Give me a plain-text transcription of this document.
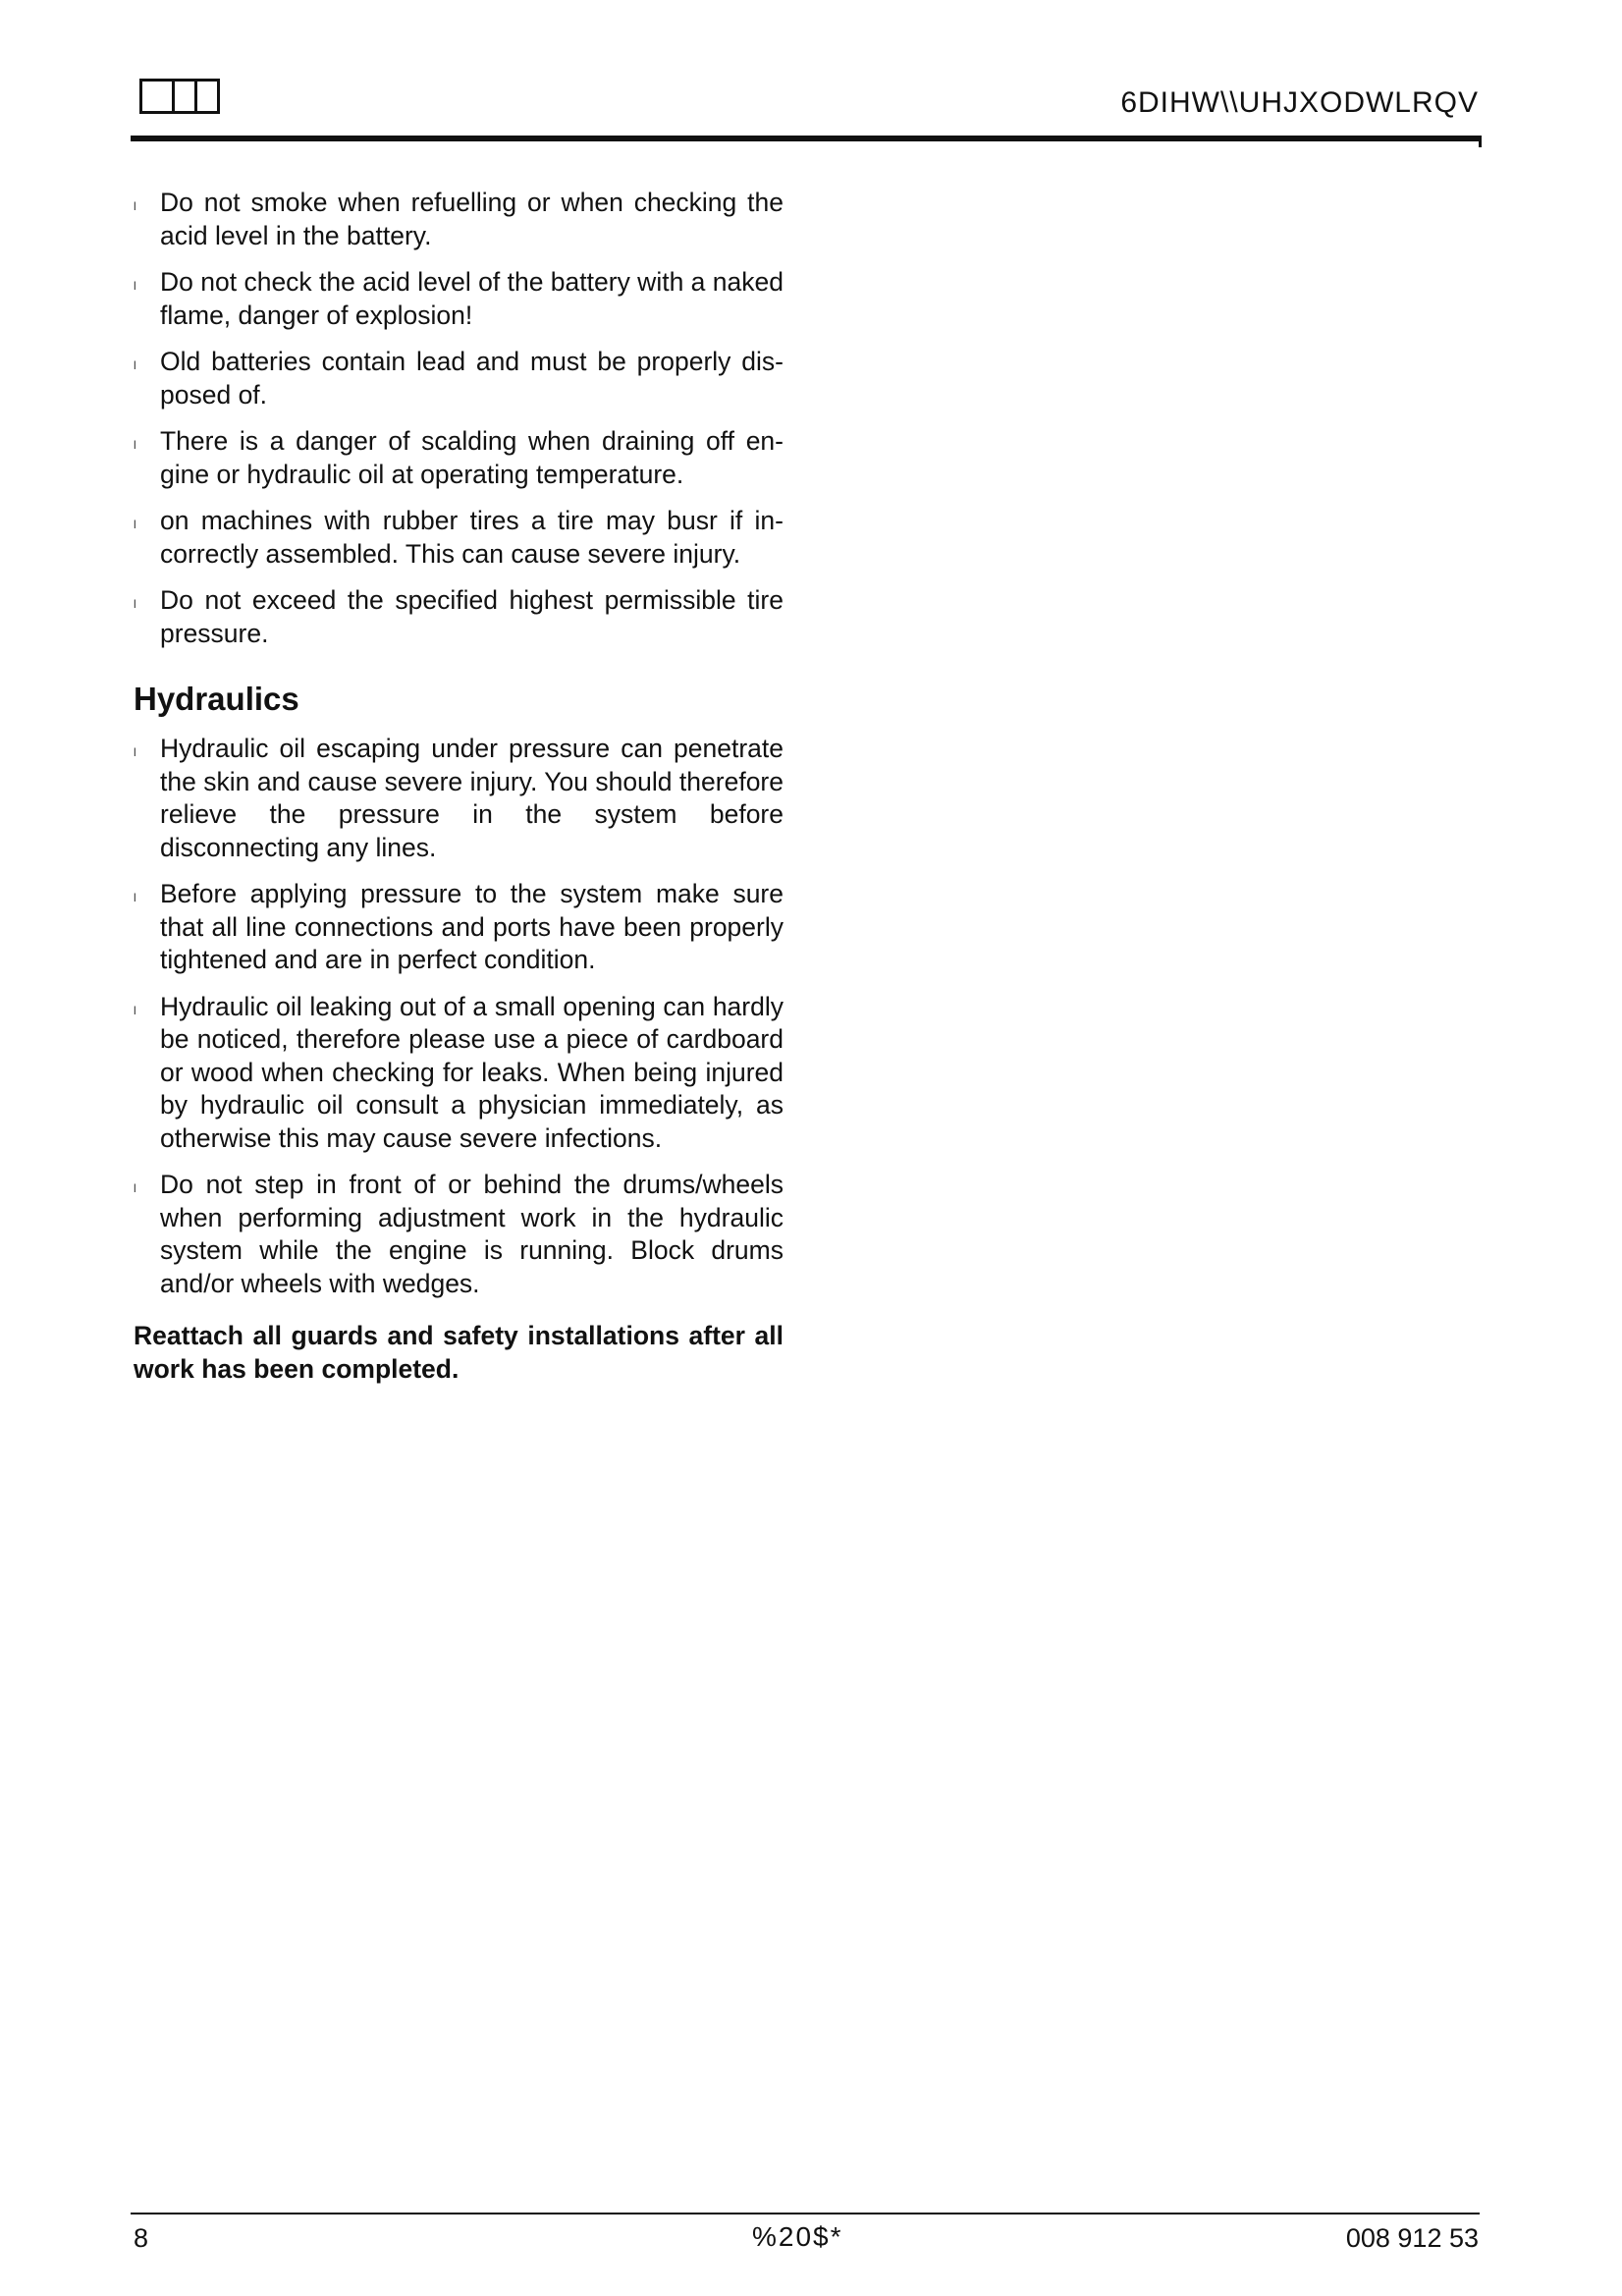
6DIHW\\UHJXODWLRQV
l Do not smoke when refuelling or when checking the acid level in the battery.
l Do not check the acid level of the battery with a naked flame, danger of explosion!
l Old batteries contain lead and must be properly disposed of.
l There is a danger of scalding when draining off engine or hydraulic oil at operating temperature.
l on machines with rubber tires a tire may busr if incorrectly assembled. This can cause severe injury.
l Do not exceed the specified highest permissible tire pressure.
Hydraulics
l Hydraulic oil escaping under pressure can penetrate the skin and cause severe injury. You should therefore relieve the pressure in the system before disconnecting any lines.
l Before applying pressure to the system make sure that all line connections and ports have been properly tightened and are in perfect condition.
l Hydraulic oil leaking out of a small opening can hardly be noticed, therefore please use a piece of cardboard or wood when checking for leaks. When being injured by hydraulic oil consult a physician immediately, as otherwise this may cause severe infections.
l Do not step in front of or behind the drums/wheels when performing adjustment work in the hydraulic system while the engine is running. Block drums and/or wheels with wedges.

Reattach all guards and safety installations after all work has been completed.

8	%20$*	008 912 53
